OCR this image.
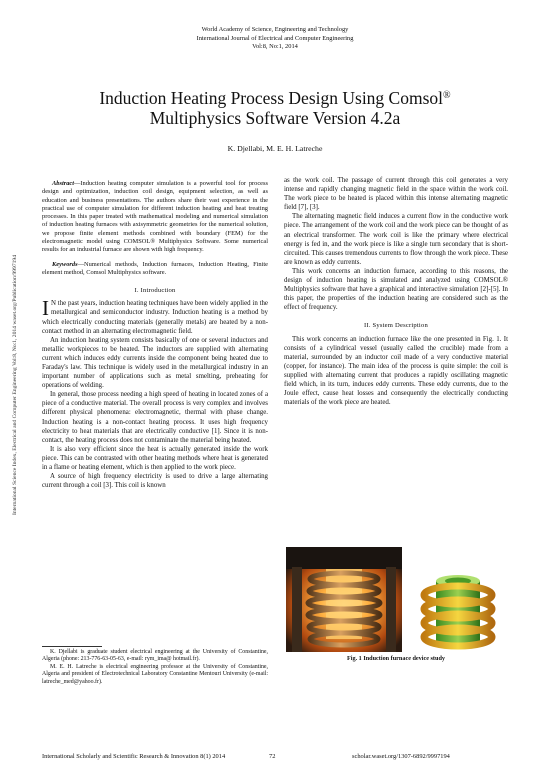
World Academy of Science, Engineering and Technology
International Journal of Electrical and Computer Engineering
Vol:8, No:1, 2014
Induction Heating Process Design Using Comsol®
Multiphysics Software Version 4.2a
K. Djellabi, M. E. H. Latreche
International Science Index, Electrical and Computer Engineering Vol:8, No:1, 2014 waset.org/Publication/9997194

Abstract—Induction heating computer simulation is a powerful tool for process design and optimization, induction coil design, equipment selection, as well as education and business presentations. The authors share their vast experience in the practical use of computer simulation for different induction heating and heat treating processes. In this paper treated with mathematical modeling and numerical simulation of induction heating furnaces with axisymmetric geometries for the numerical solution, we propose finite element methods combined with boundary (FEM) for the electromagnetic model using COMSOL® Multiphysics Software. Some numerical results for an industrial furnace are shown with high frequency.

Keywords—Numerical methods, Induction furnaces, Induction Heating, Finite element method, Comsol Multiphysics software.

I. Introduction

I N the past years, induction heating techniques have been widely applied in the metallurgical and semiconductor industry. Induction heating is a method by which electrically conducting materials (generally metals) are heated by a non-contact method in an alternating electromagnetic field.

An induction heating system consists basically of one or several inductors and metallic workpieces to be heated. The inductors are supplied with alternating current which induces eddy currents inside the component being heated due to Faraday's law. This technique is widely used in the metallurgical industry in an important number of applications such as metal smelting, preheating for operations of welding.

In general, those process needing a high speed of heating in located zones of a piece of a conductive material. The overall process is very complex and involves different physical phenomena: electromagnetic, thermal with phase change. Induction heating is a non-contact heating process. It uses high frequency electricity to heat materials that are electrically conductive [1]. Since it is non-contact, the heating process does not contaminate the material being heated.

It is also very efficient since the heat is actually generated inside the work piece. This can be contrasted with other heating methods where heat is generated in a flame or heating element, which is then applied to the work piece.

A source of high frequency electricity is used to drive a large alternating current through a coil [3]. This coil is known

as the work coil. The passage of current through this coil generates a very intense and rapidly changing magnetic field in the space within the work coil. The work piece to be heated is placed within this intense alternating magnetic field [7], [3].

The alternating magnetic field induces a current flow in the conductive work piece. The arrangement of the work coil and the work piece can be thought of as an electrical transformer. The work coil is like the primary where electrical energy is fed in, and the work piece is like a single turn secondary that is short-circuited. This causes tremendous currents to flow through the work piece. These are known as eddy currents.

This work concerns an induction furnace, according to this reasons, the design of induction heating is simulated and analyzed using COMSOL® Multiphysics software that have a graphical and interactive simulation [2]-[5]. In this paper, the properties of the induction heating are considered such as the effect of frequency.

II. System Description

This work concerns an induction furnace like the one presented in Fig. 1. It consists of a cylindrical vessel (usually called the crucible) made from a material, surrounded by an inductor coil made of a very conductive material (copper, for instance). The main idea of the process is quite simple: the coil is supplied with alternating current that produces a rapidly oscillating magnetic field which, in its turn, induces eddy currents. These eddy currents, due to the Joule effect, cause heat losses and consequently the electrically conducting materials of the work piece are heated.

Fig. 1 Induction furnace device study

K. Djellabi is graduate student electrical engineering at the University of Constantine, Algeria (phone: 213-776-63-05-63, e-mail: rym_ima@ hotmail.fr).

M. E. H. Latreche is electrical engineering professor at the University of Constantine, Algeria and president of Electrotechnical Laboratory Constantine Mentouri University (e-mail: latreche_med@yahoo.fr).

International Scholarly and Scientific Research & Innovation 8(1) 2014	72	scholar.waset.org/1307-6892/9997194
